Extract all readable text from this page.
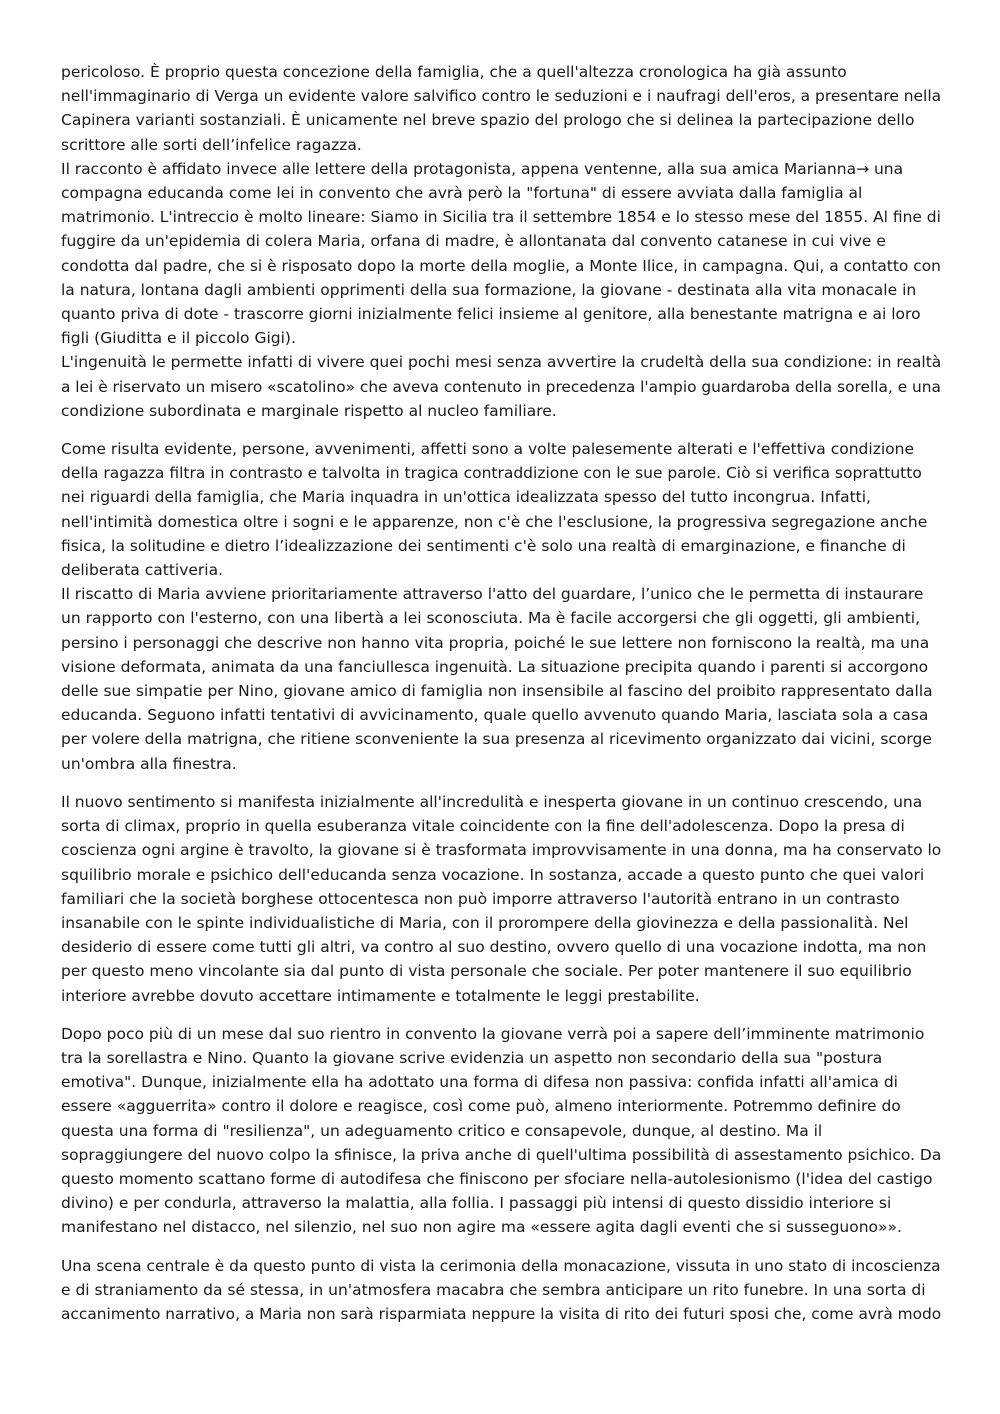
pericoloso. È proprio questa concezione della famiglia, che a quell'altezza cronologica ha già assunto
nell'immaginario di Verga un evidente valore salvifico contro le seduzioni e i naufragi dell'eros, a presentare nella
Capinera varianti sostanziali. È unicamente nel breve spazio del prologo che si delinea la partecipazione dello
scrittore alle sorti dell’infelice ragazza.
Il racconto è affidato invece alle lettere della protagonista, appena ventenne, alla sua amica Marianna→ una
compagna educanda come lei in convento che avrà però la "fortuna" di essere avviata dalla famiglia al
matrimonio. L'intreccio è molto lineare: Siamo in Sicilia tra il settembre 1854 e lo stesso mese del 1855. Al fine di
fuggire da un'epidemia di colera Maria, orfana di madre, è allontanata dal convento catanese in cui vive e
condotta dal padre, che si è risposato dopo la morte della moglie, a Monte Ilice, in campagna. Qui, a contatto con
la natura, lontana dagli ambienti opprimenti della sua formazione, la giovane - destinata alla vita monacale in
quanto priva di dote - trascorre giorni inizialmente felici insieme al genitore, alla benestante matrigna e ai loro
figli (Giuditta e il piccolo Gigi).
L'ingenuità le permette infatti di vivere quei pochi mesi senza avvertire la crudeltà della sua condizione: in realtà
a lei è riservato un misero «scatolino» che aveva contenuto in precedenza l'ampio guardaroba della sorella, e una
condizione subordinata e marginale rispetto al nucleo familiare.
Come risulta evidente, persone, avvenimenti, affetti sono a volte palesemente alterati e l'effettiva condizione
della ragazza filtra in contrasto e talvolta in tragica contraddizione con le sue parole. Ciò si verifica soprattutto
nei riguardi della famiglia, che Maria inquadra in un'ottica idealizzata spesso del tutto incongrua. Infatti,
nell'intimità domestica oltre i sogni e le apparenze, non c'è che l'esclusione, la progressiva segregazione anche
fisica, la solitudine e dietro l’idealizzazione dei sentimenti c'è solo una realtà di emarginazione, e finanche di
deliberata cattiveria.
Il riscatto di Maria avviene prioritariamente attraverso l'atto del guardare, l’unico che le permetta di instaurare
un rapporto con l'esterno, con una libertà a lei sconosciuta. Ma è facile accorgersi che gli oggetti, gli ambienti,
persino i personaggi che descrive non hanno vita propria, poiché le sue lettere non forniscono la realtà, ma una
visione deformata, animata da una fanciullesca ingenuità. La situazione precipita quando i parenti si accorgono
delle sue simpatie per Nino, giovane amico di famiglia non insensibile al fascino del proibito rappresentato dalla
educanda. Seguono infatti tentativi di avvicinamento, quale quello avvenuto quando Maria, lasciata sola a casa
per volere della matrigna, che ritiene sconveniente la sua presenza al ricevimento organizzato dai vicini, scorge
un'ombra alla finestra.
Il nuovo sentimento si manifesta inizialmente all'incredulità e inesperta giovane in un continuo crescendo, una
sorta di climax, proprio in quella esuberanza vitale coincidente con la fine dell'adolescenza. Dopo la presa di
coscienza ogni argine è travolto, la giovane si è trasformata improvvisamente in una donna, ma ha conservato lo
squilibrio morale e psichico dell'educanda senza vocazione. In sostanza, accade a questo punto che quei valori
familiari che la società borghese ottocentesca non può imporre attraverso l'autorità entrano in un contrasto
insanabile con le spinte individualistiche di Maria, con il prorompere della giovinezza e della passionalità. Nel
desiderio di essere come tutti gli altri, va contro al suo destino, ovvero quello di una vocazione indotta, ma non
per questo meno vincolante sia dal punto di vista personale che sociale. Per poter mantenere il suo equilibrio
interiore avrebbe dovuto accettare intimamente e totalmente le leggi prestabilite.
Dopo poco più di un mese dal suo rientro in convento la giovane verrà poi a sapere dell’imminente matrimonio
tra la sorellastra e Nino. Quanto la giovane scrive evidenzia un aspetto non secondario della sua "postura
emotiva". Dunque, inizialmente ella ha adottato una forma di difesa non passiva: confida infatti all'amica di
essere «agguerrita» contro il dolore e reagisce, così come può, almeno interiormente. Potremmo definire do
questa una forma di "resilienza", un adeguamento critico e consapevole, dunque, al destino. Ma il
sopraggiungere del nuovo colpo la sfinisce, la priva anche di quell'ultima possibilità di assestamento psichico. Da
questo momento scattano forme di autodifesa che finiscono per sfociare nella-autolesionismo (l'idea del castigo
divino) e per condurla, attraverso la malattia, alla follia. I passaggi più intensi di questo dissidio interiore si
manifestano nel distacco, nel silenzio, nel suo non agire ma «essere agita dagli eventi che si susseguono»».
Una scena centrale è da questo punto di vista la cerimonia della monacazione, vissuta in uno stato di incoscienza
e di straniamento da sé stessa, in un'atmosfera macabra che sembra anticipare un rito funebre. In una sorta di
accanimento narrativo, a Maria non sarà risparmiata neppure la visita di rito dei futuri sposi che, come avrà modo
